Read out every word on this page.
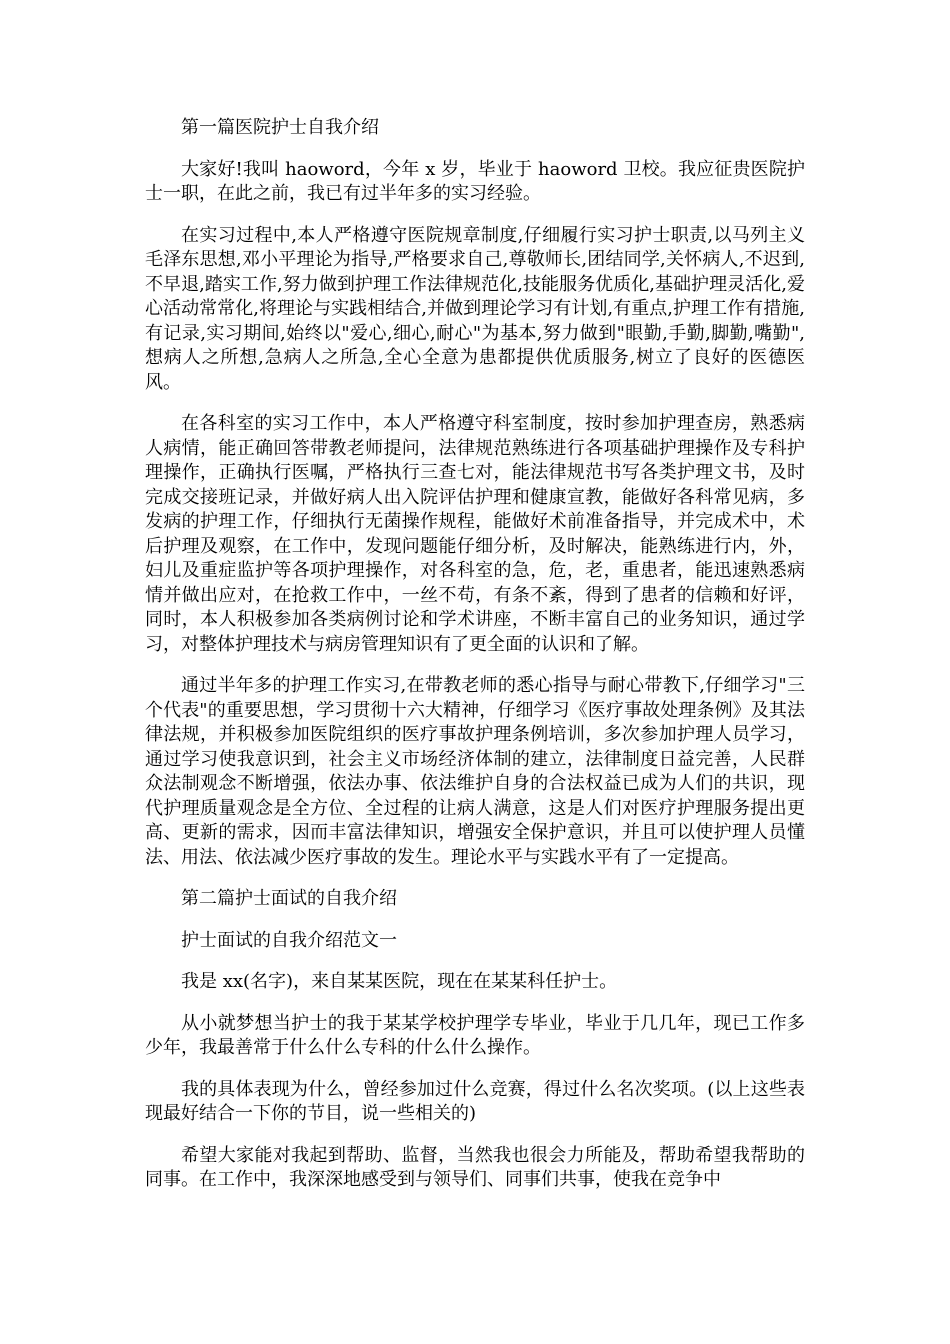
第一篇医院护士自我介绍

大家好!我叫 haoword，今年 x 岁，毕业于 haoword 卫校。我应征贵医院护士一职，在此之前，我已有过半年多的实习经验。

在实习过程中,本人严格遵守医院规章制度,仔细履行实习护士职责,以马列主义毛泽东思想,邓小平理论为指导,严格要求自己,尊敬师长,团结同学,关怀病人,不迟到,不早退,踏实工作,努力做到护理工作法律规范化,技能服务优质化,基础护理灵活化,爱心活动常常化,将理论与实践相结合,并做到理论学习有计划,有重点,护理工作有措施,有记录,实习期间,始终以"爱心,细心,耐心"为基本,努力做到"眼勤,手勤,脚勤,嘴勤",想病人之所想,急病人之所急,全心全意为患都提供优质服务,树立了良好的医德医风。

在各科室的实习工作中，本人严格遵守科室制度，按时参加护理查房，熟悉病人病情，能正确回答带教老师提问，法律规范熟练进行各项基础护理操作及专科护理操作，正确执行医嘱，严格执行三查七对，能法律规范书写各类护理文书，及时完成交接班记录，并做好病人出入院评估护理和健康宣教，能做好各科常见病，多发病的护理工作，仔细执行无菌操作规程，能做好术前准备指导，并完成术中，术后护理及观察，在工作中，发现问题能仔细分析，及时解决，能熟练进行内，外，妇儿及重症监护等各项护理操作，对各科室的急，危，老，重患者，能迅速熟悉病情并做出应对，在抢救工作中，一丝不苟，有条不紊，得到了患者的信赖和好评，同时，本人积极参加各类病例讨论和学术讲座，不断丰富自己的业务知识，通过学习，对整体护理技术与病房管理知识有了更全面的认识和了解。

通过半年多的护理工作实习,在带教老师的悉心指导与耐心带教下,仔细学习"三个代表"的重要思想，学习贯彻十六大精神，仔细学习《医疗事故处理条例》及其法律法规，并积极参加医院组织的医疗事故护理条例培训，多次参加护理人员学习，通过学习使我意识到，社会主义市场经济体制的建立，法律制度日益完善，人民群众法制观念不断增强，依法办事、依法维护自身的合法权益已成为人们的共识，现代护理质量观念是全方位、全过程的让病人满意，这是人们对医疗护理服务提出更高、更新的需求，因而丰富法律知识，增强安全保护意识，并且可以使护理人员懂法、用法、依法减少医疗事故的发生。理论水平与实践水平有了一定提高。

第二篇护士面试的自我介绍

护士面试的自我介绍范文一

我是 xx(名字)，来自某某医院，现在在某某科任护士。

从小就梦想当护士的我于某某学校护理学专毕业，毕业于几几年，现已工作多少年，我最善常于什么什么专科的什么什么操作。

我的具体表现为什么，曾经参加过什么竞赛，得过什么名次奖项。(以上这些表现最好结合一下你的节目，说一些相关的)

希望大家能对我起到帮助、监督，当然我也很会力所能及，帮助希望我帮助的同事。在工作中，我深深地感受到与领导们、同事们共事，使我在竞争中
